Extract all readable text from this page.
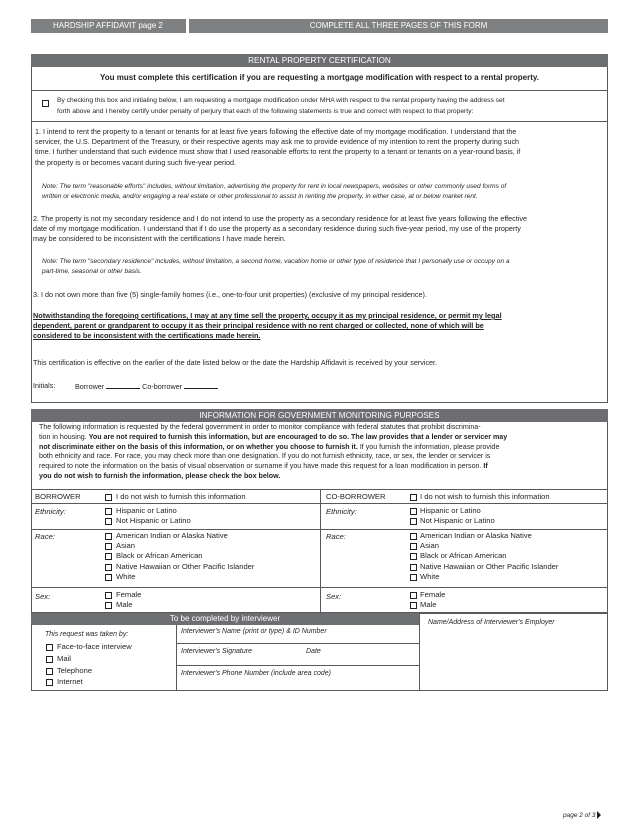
HARDSHIP AFFIDAVIT page 2	COMPLETE ALL THREE PAGES OF THIS FORM
RENTAL PROPERTY CERTIFICATION
You must complete this certification if you are requesting a mortgage modification with respect to a rental property.
By checking this box and initialing below, I am requesting a mortgage modification under MHA with respect to the rental property having the address set
forth above and I hereby certify under penalty of perjury that each of the following statements is true and correct with respect to that property:
1. I intend to rent the property to a tenant or tenants for at least five years following the effective date of my mortgage modification. I understand that the
servicer, the U.S. Department of the Treasury, or their respective agents may ask me to provide evidence of my intention to rent the property during such
time. I further understand that such evidence must show that I used reasonable efforts to rent the property to a tenant or tenants on a year-round basis, if
the property is or becomes vacant during such five-year period.
Note: The term "reasonable efforts" includes, without limitation, advertising the property for rent in local newspapers, websites or other commonly used forms of
written or electronic media, and/or engaging a real estate or other professional to assist in renting the property, in either case, at or below market rent.
2. The property is not my secondary residence and I do not intend to use the property as a secondary residence for at least five years following the effective
date of my mortgage modification. I understand that if I do use the property as a secondary residence during such five-year period, my use of the property
may be considered to be inconsistent with the certifications I have made herein.
Note: The term "secondary residence" includes, without limitation, a second home, vacation home or other type of residence that I personally use or occupy on a
part-time, seasonal or other basis.
3. I do not own more than five (5) single-family homes (i.e., one-to-four unit properties) (exclusive of my principal residence).
Notwithstanding the foregoing certifications, I may at any time sell the property, occupy it as my principal residence, or permit my legal
dependent, parent or grandparent to occupy it as their principal residence with no rent charged or collected, none of which will be
considered to be inconsistent with the certifications made herein.
This certification is effective on the earlier of the date listed below or the date the Hardship Affidavit is received by your servicer.
Initials:	Borrower	Co-borrower
INFORMATION FOR GOVERNMENT MONITORING PURPOSES
The following information is requested by the federal government in order to monitor compliance with federal statutes that prohibit discrimina-
tion in housing. You are not required to furnish this information, but are encouraged to do so. The law provides that a lender or servicer may
not discriminate either on the basis of this information, or on whether you choose to furnish it. If you furnish the information, please provide
both ethnicity and race. For race, you may check more than one designation. If you do not furnish ethnicity, race, or sex, the lender or servicer is
required to note the information on the basis of visual observation or surname if you have made this request for a loan modification in person. If
you do not wish to furnish the information, please check the box below.
BORROWER	I do not wish to furnish this information
Ethnicity:	Hispanic or Latino
Not Hispanic or Latino
Race:	American Indian or Alaska Native
Asian
Black or African American
Native Hawaiian or Other Pacific Islander
White
Sex:	Female
Male
CO-BORROWER	I do not wish to furnish this information
Ethnicity:	Hispanic or Latino
Not Hispanic or Latino
Race:	American Indian or Alaska Native
Asian
Black or African American
Native Hawaiian or Other Pacific Islander
White
Sex:	Female
Male
To be completed by interviewer
This request was taken by:
Face-to-face interview
Mail
Telephone
Internet
Interviewer's Name (print or type) & ID Number
Interviewer's Signature	Date
Interviewer's Phone Number (include area code)
Name/Address of Interviewer's Employer
page 2 of 3
